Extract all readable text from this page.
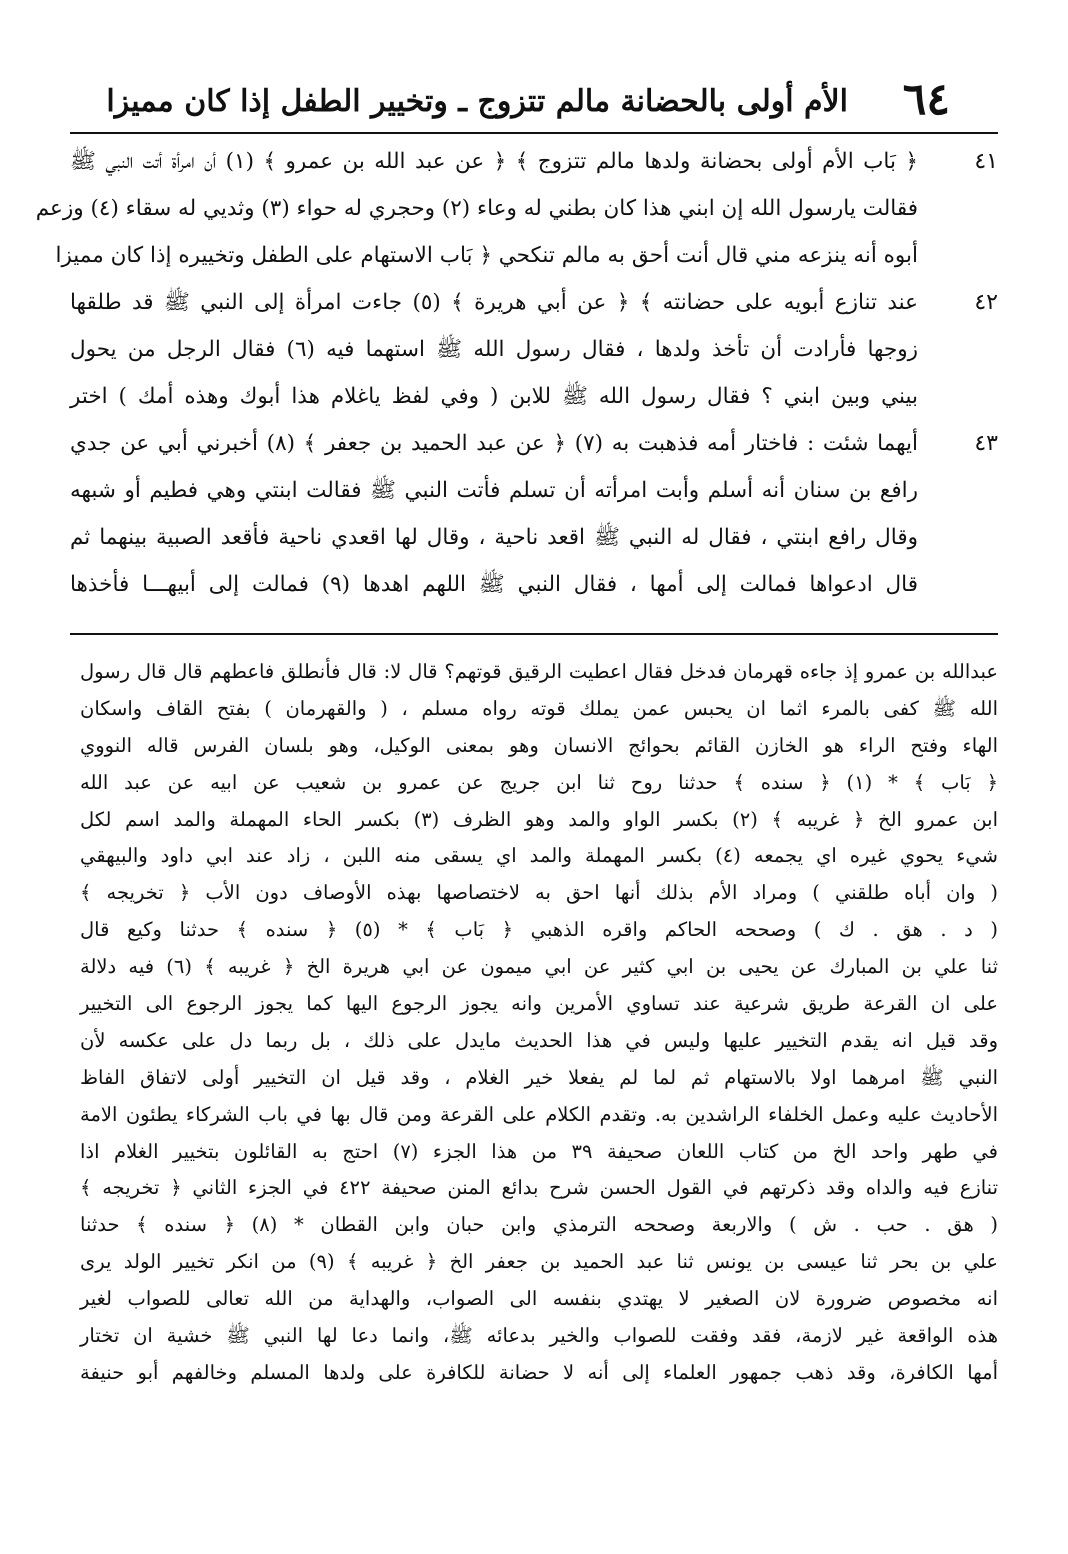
٦٤
الأم أولى بالحضانة مالم تتزوج ـ وتخيير الطفل إذا كان مميزا
٤١
﴿ بَاب الأم أولى بحضانة ولدها مالم تتزوج ﴾ ﴿ عن عبد الله بن عمرو ﴾ (١) أن امرأة أتت النبي ﷺ
فقالت يارسول الله إن ابني هذا كان بطني له وعاء (٢) وحجري له حواء (٣) وثديي له سقاء (٤) وزعم
أبوه أنه ينزعه مني قال أنت أحق به مالم تنكحي ﴿ بَاب الاستهام على الطفل وتخييره إذا كان مميزا
٤٢
عند تنازع أبويه على حضانته ﴾ ﴿ عن أبي هريرة ﴾ (٥) جاءت امرأة إلى النبي ﷺ قد طلقها
زوجها فأرادت أن تأخذ ولدها ، فقال رسول الله ﷺ استهما فيه (٦) فقال الرجل من يحول
بيني وبين ابني ؟ فقال رسول الله ﷺ للابن ( وفي لفظ ياغلام هذا أبوك وهذه أمك ) اختر
٤٣
أيهما شئت : فاختار أمه فذهبت به (٧) ﴿ عن عبد الحميد بن جعفر ﴾ (٨) أخبرني أبي عن جدي
رافع بن سنان أنه أسلم وأبت امرأته أن تسلم فأتت النبي ﷺ فقالت ابنتي وهي فطيم أو شبهه
وقال رافع ابنتي ، فقال له النبي ﷺ اقعد ناحية ، وقال لها اقعدي ناحية فأقعد الصبية بينهما ثم
قال ادعواها فمالت إلى أمها ، فقال النبي ﷺ اللهم اهدها (٩) فمالت إلى أبيهـــا فأخذها
عبدالله بن عمرو إذ جاءه قهرمان فدخل فقال اعطيت الرقيق قوتهم؟ قال لا: قال فأنطلق فاعطهم قال قال رسول
الله ﷺ كفى بالمرء اثما ان يحبس عمن يملك قوته رواه مسلم ، ( والقهرمان ) بفتح القاف واسكان
الهاء وفتح الراء هو الخازن القائم بحوائج الانسان وهو بمعنى الوكيل، وهو بلسان الفرس قاله النووي
﴿ بَاب ﴾ * (١) ﴿ سنده ﴾ حدثنا روح ثنا ابن جريج عن عمرو بن شعيب عن ابيه عن عبد الله
ابن عمرو الخ ﴿ غريبه ﴾ (٢) بكسر الواو والمد وهو الظرف (٣) بكسر الحاء المهملة والمد اسم لكل
شيء يحوي غيره اي يجمعه (٤) بكسر المهملة والمد اي يسقى منه اللبن ، زاد عند ابي داود والبيهقي
( وان أباه طلقني ) ومراد الأم بذلك أنها احق به لاختصاصها بهذه الأوصاف دون الأب ﴿ تخريجه ﴾
( د . هق . ك ) وصححه الحاكم واقره الذهبي ﴿ بَاب ﴾ * (٥) ﴿ سنده ﴾ حدثنا وكيع قال
ثنا علي بن المبارك عن يحيى بن ابي كثير عن ابي ميمون عن ابي هريرة الخ ﴿ غريبه ﴾ (٦) فيه دلالة
على ان القرعة طريق شرعية عند تساوي الأمرين وانه يجوز الرجوع اليها كما يجوز الرجوع الى التخيير
وقد قيل انه يقدم التخيير عليها وليس في هذا الحديث مايدل على ذلك ، بل ربما دل على عكسه لأن
النبي ﷺ امرهما اولا بالاستهام ثم لما لم يفعلا خير الغلام ، وقد قيل ان التخيير أولى لاتفاق الفاظ
الأحاديث عليه وعمل الخلفاء الراشدين به. وتقدم الكلام على القرعة ومن قال بها في باب الشركاء يطئون الامة
في طهر واحد الخ من كتاب اللعان صحيفة ٣٩ من هذا الجزء (٧) احتج به القائلون بتخيير الغلام اذا
تنازع فيه والداه وقد ذكرتهم في القول الحسن شرح بدائع المنن صحيفة ٤٢٢ في الجزء الثاني ﴿ تخريجه ﴾
( هق . حب . ش ) والاربعة وصححه الترمذي وابن حبان وابن القطان * (٨) ﴿ سنده ﴾ حدثنا
علي بن بحر ثنا عيسى بن يونس ثنا عبد الحميد بن جعفر الخ ﴿ غريبه ﴾ (٩) من انكر تخيير الولد يرى
انه مخصوص ضرورة لان الصغير لا يهتدي بنفسه الى الصواب، والهداية من الله تعالى للصواب لغير
هذه الواقعة غير لازمة، فقد وفقت للصواب والخير بدعائه ﷺ، وانما دعا لها النبي ﷺ خشية ان تختار
أمها الكافرة، وقد ذهب جمهور العلماء إلى أنه لا حضانة للكافرة على ولدها المسلم وخالفهم أبو حنيفة
